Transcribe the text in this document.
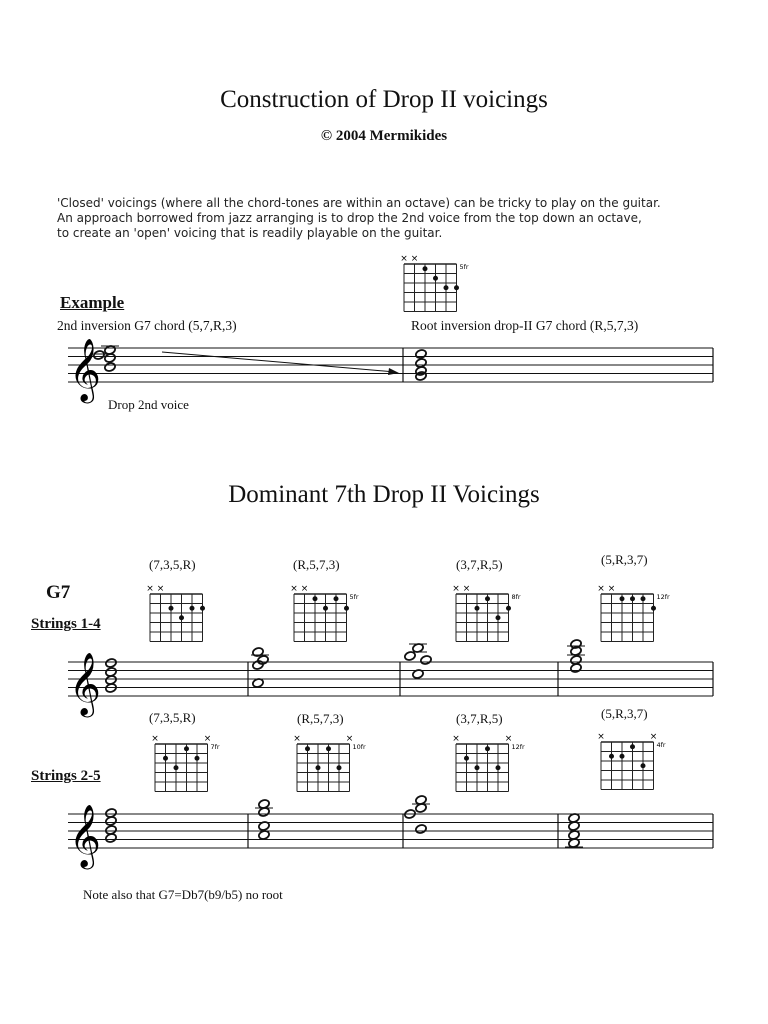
Construction of Drop II voicings
© 2004 Mermikides
'Closed' voicings (where all the chord-tones are within an octave) can be tricky to play on the guitar.
An approach borrowed from jazz arranging is to drop the 2nd voice from the top down an octave,
to create an 'open' voicing that is readily playable on the guitar.
Example
2nd inversion G7 chord (5,7,R,3)	Root inversion drop-II G7 chord (R,5,7,3)
Drop 2nd voice
Dominant 7th Drop II Voicings
G7
Strings 1-4
Strings 2-5
(7,3,5,R)	(R,5,7,3)	(3,7,R,5)	(5,R,3,7)
(7,3,5,R)	(R,5,7,3)	(3,7,R,5)	(5,R,3,7)
Note also that G7=Db7(b9/b5) no root
𝄞
𝄞
𝄞
× ×
5fr
× ×	× ×
5fr
× ×
8fr
× ×
12fr
×	×
7fr
×	×
10fr
×	×
12fr
×	×
4fr
